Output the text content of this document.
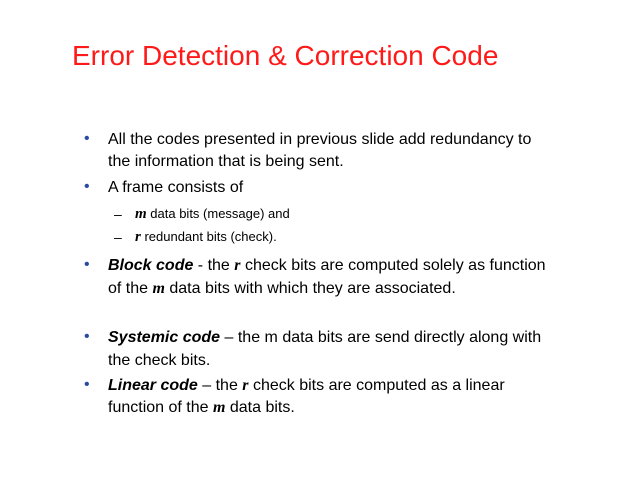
Error Detection & Correction Code
• All the codes presented in previous slide add redundancy to
the information that is being sent.
• A frame consists of
– m data bits (message) and
– r redundant bits (check).
• Block code - the r check bits are computed solely as function
of the m data bits with which they are associated.
• Systemic code – the m data bits are send directly along with
the check bits.
• Linear code – the r check bits are computed as a linear
function of the m data bits.
